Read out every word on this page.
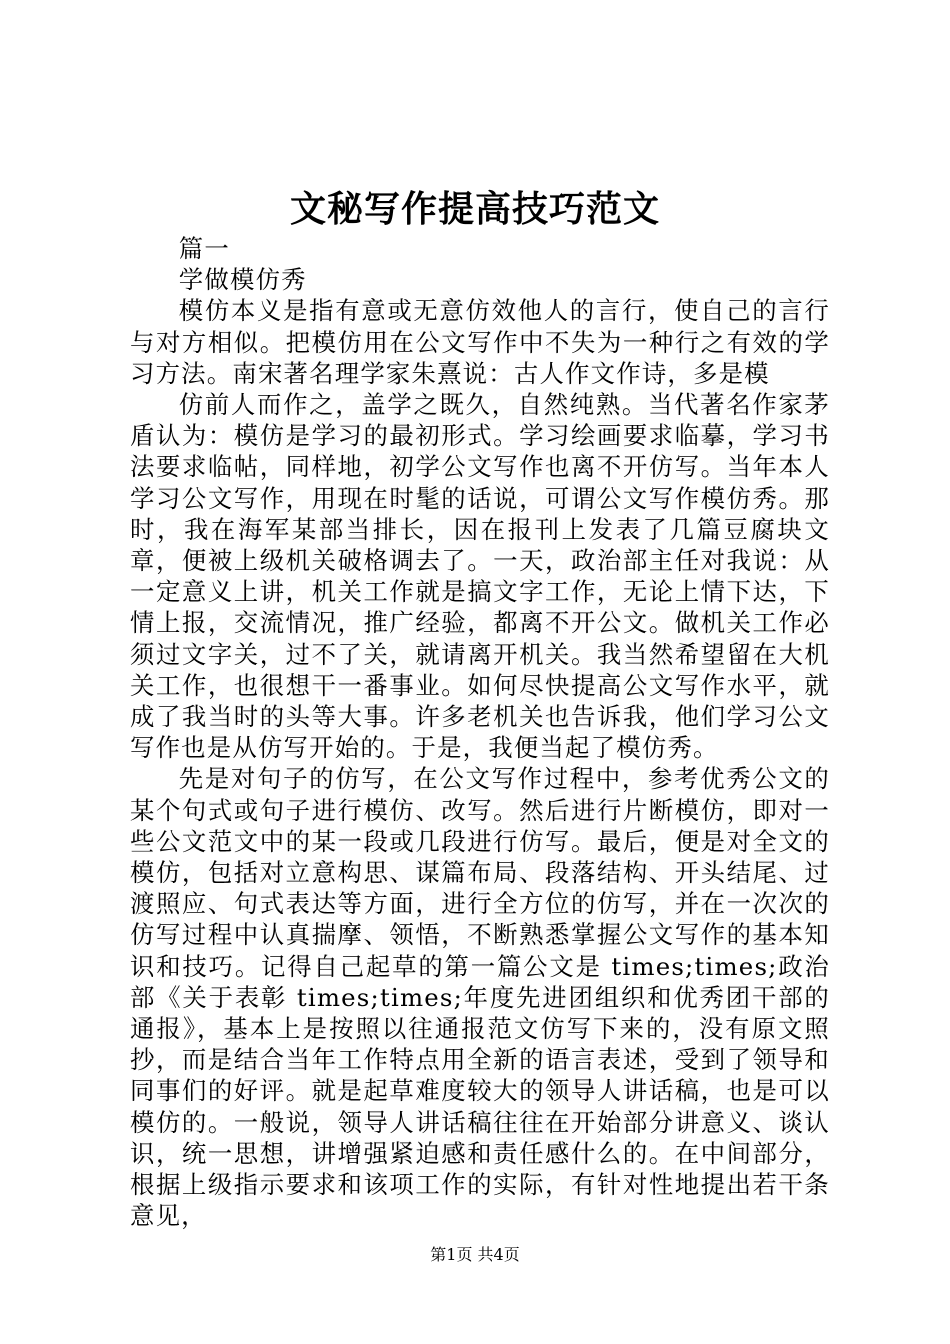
文秘写作提高技巧范文

篇一

学做模仿秀

模仿本义是指有意或无意仿效他人的言行，使自己的言行与对方相似。把模仿用在公文写作中不失为一种行之有效的学习方法。南宋著名理学家朱熹说：古人作文作诗，多是模

仿前人而作之，盖学之既久，自然纯熟。当代著名作家茅盾认为：模仿是学习的最初形式。学习绘画要求临摹，学习书法要求临帖，同样地，初学公文写作也离不开仿写。当年本人学习公文写作，用现在时髦的话说，可谓公文写作模仿秀。那时，我在海军某部当排长，因在报刊上发表了几篇豆腐块文章，便被上级机关破格调去了。一天，政治部主任对我说：从一定意义上讲，机关工作就是搞文字工作，无论上情下达，下情上报，交流情况，推广经验，都离不开公文。做机关工作必须过文字关，过不了关，就请离开机关。我当然希望留在大机关工作，也很想干一番事业。如何尽快提高公文写作水平，就成了我当时的头等大事。许多老机关也告诉我，他们学习公文写作也是从仿写开始的。于是，我便当起了模仿秀。

先是对句子的仿写，在公文写作过程中，参考优秀公文的某个句式或句子进行模仿、改写。然后进行片断模仿，即对一些公文范文中的某一段或几段进行仿写。最后，便是对全文的模仿，包括对立意构思、谋篇布局、段落结构、开头结尾、过渡照应、句式表达等方面，进行全方位的仿写，并在一次次的仿写过程中认真揣摩、领悟，不断熟悉掌握公文写作的基本知识和技巧。记得自己起草的第一篇公文是 times;times;政治部《关于表彰 times;times;年度先进团组织和优秀团干部的通报》，基本上是按照以往通报范文仿写下来的，没有原文照抄，而是结合当年工作特点用全新的语言表述，受到了领导和同事们的好评。就是起草难度较大的领导人讲话稿，也是可以模仿的。一般说，领导人讲话稿往往在开始部分讲意义、谈认识，统一思想，讲增强紧迫感和责任感什么的。在中间部分，根据上级指示要求和该项工作的实际，有针对性地提出若干条意见，

第1页 共4页
